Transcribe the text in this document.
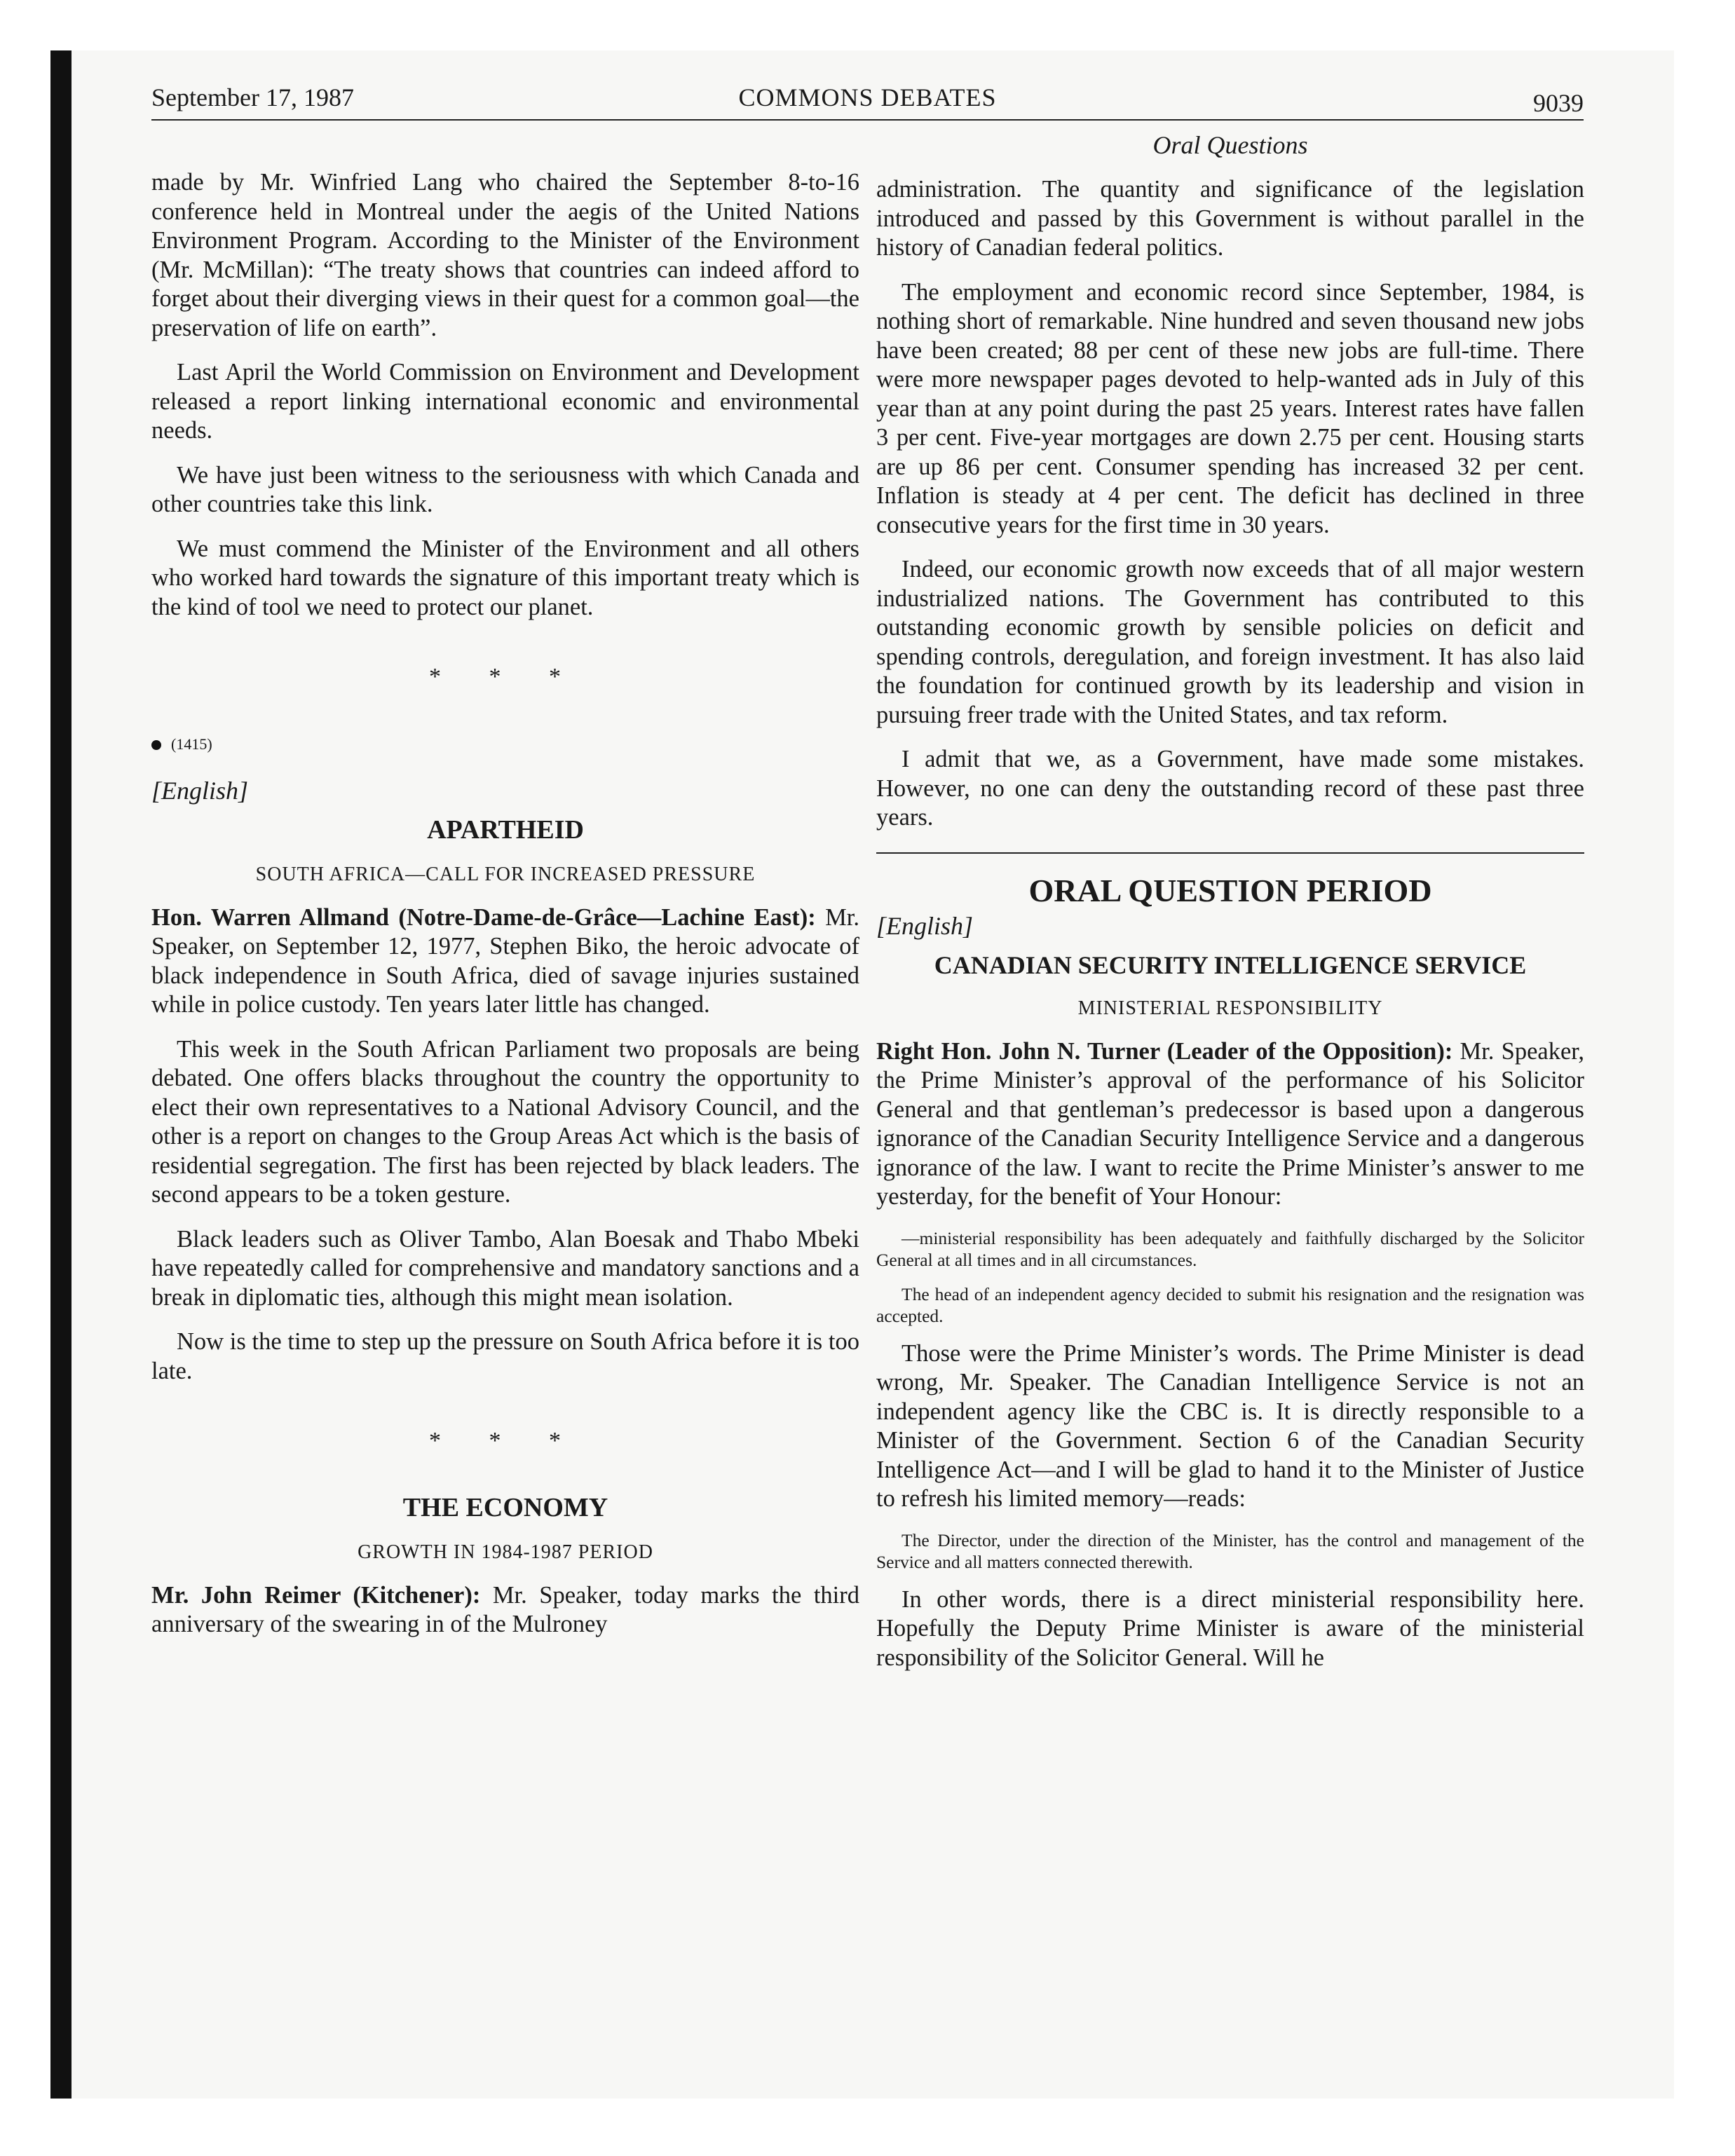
September 17, 1987	COMMONS DEBATES	9039
Oral Questions

made by Mr. Winfried Lang who chaired the September 8-to-16 conference held in Montreal under the aegis of the United Nations Environment Program. According to the Minister of the Environment (Mr. McMillan): “The treaty shows that countries can indeed afford to forget about their diverging views in their quest for a common goal—the preservation of life on earth”.

Last April the World Commission on Environment and Development released a report linking international economic and environmental needs.

We have just been witness to the seriousness with which Canada and other countries take this link.

We must commend the Minister of the Environment and all others who worked hard towards the signature of this important treaty which is the kind of tool we need to protect our planet.

* * *
(1415)
[English]
APARTHEID
SOUTH AFRICA—CALL FOR INCREASED PRESSURE

Hon. Warren Allmand (Notre-Dame-de-Grâce—Lachine East): Mr. Speaker, on September 12, 1977, Stephen Biko, the heroic advocate of black independence in South Africa, died of savage injuries sustained while in police custody. Ten years later little has changed.

This week in the South African Parliament two proposals are being debated. One offers blacks throughout the country the opportunity to elect their own representatives to a National Advisory Council, and the other is a report on changes to the Group Areas Act which is the basis of residential segregation. The first has been rejected by black leaders. The second appears to be a token gesture.

Black leaders such as Oliver Tambo, Alan Boesak and Thabo Mbeki have repeatedly called for comprehensive and mandatory sanctions and a break in diplomatic ties, although this might mean isolation.

Now is the time to step up the pressure on South Africa before it is too late.

* * *
THE ECONOMY
GROWTH IN 1984-1987 PERIOD

Mr. John Reimer (Kitchener): Mr. Speaker, today marks the third anniversary of the swearing in of the Mulroney

administration. The quantity and significance of the legislation introduced and passed by this Government is without parallel in the history of Canadian federal politics.

The employment and economic record since September, 1984, is nothing short of remarkable. Nine hundred and seven thousand new jobs have been created; 88 per cent of these new jobs are full-time. There were more newspaper pages devoted to help-wanted ads in July of this year than at any point during the past 25 years. Interest rates have fallen 3 per cent. Five-year mortgages are down 2.75 per cent. Housing starts are up 86 per cent. Consumer spending has increased 32 per cent. Inflation is steady at 4 per cent. The deficit has declined in three consecutive years for the first time in 30 years.

Indeed, our economic growth now exceeds that of all major western industrialized nations. The Government has contributed to this outstanding economic growth by sensible policies on deficit and spending controls, deregulation, and foreign investment. It has also laid the foundation for continued growth by its leadership and vision in pursuing freer trade with the United States, and tax reform.

I admit that we, as a Government, have made some mistakes. However, no one can deny the outstanding record of these past three years.

ORAL QUESTION PERIOD
[English]
CANADIAN SECURITY INTELLIGENCE SERVICE
MINISTERIAL RESPONSIBILITY

Right Hon. John N. Turner (Leader of the Opposition): Mr. Speaker, the Prime Minister’s approval of the performance of his Solicitor General and that gentleman’s predecessor is based upon a dangerous ignorance of the Canadian Security Intelligence Service and a dangerous ignorance of the law. I want to recite the Prime Minister’s answer to me yesterday, for the benefit of Your Honour:

—ministerial responsibility has been adequately and faithfully discharged by the Solicitor General at all times and in all circumstances.
The head of an independent agency decided to submit his resignation and the resignation was accepted.

Those were the Prime Minister’s words. The Prime Minister is dead wrong, Mr. Speaker. The Canadian Intelligence Service is not an independent agency like the CBC is. It is directly responsible to a Minister of the Government. Section 6 of the Canadian Security Intelligence Act—and I will be glad to hand it to the Minister of Justice to refresh his limited memory—reads:

The Director, under the direction of the Minister, has the control and management of the Service and all matters connected therewith.

In other words, there is a direct ministerial responsibility here. Hopefully the Deputy Prime Minister is aware of the ministerial responsibility of the Solicitor General. Will he
